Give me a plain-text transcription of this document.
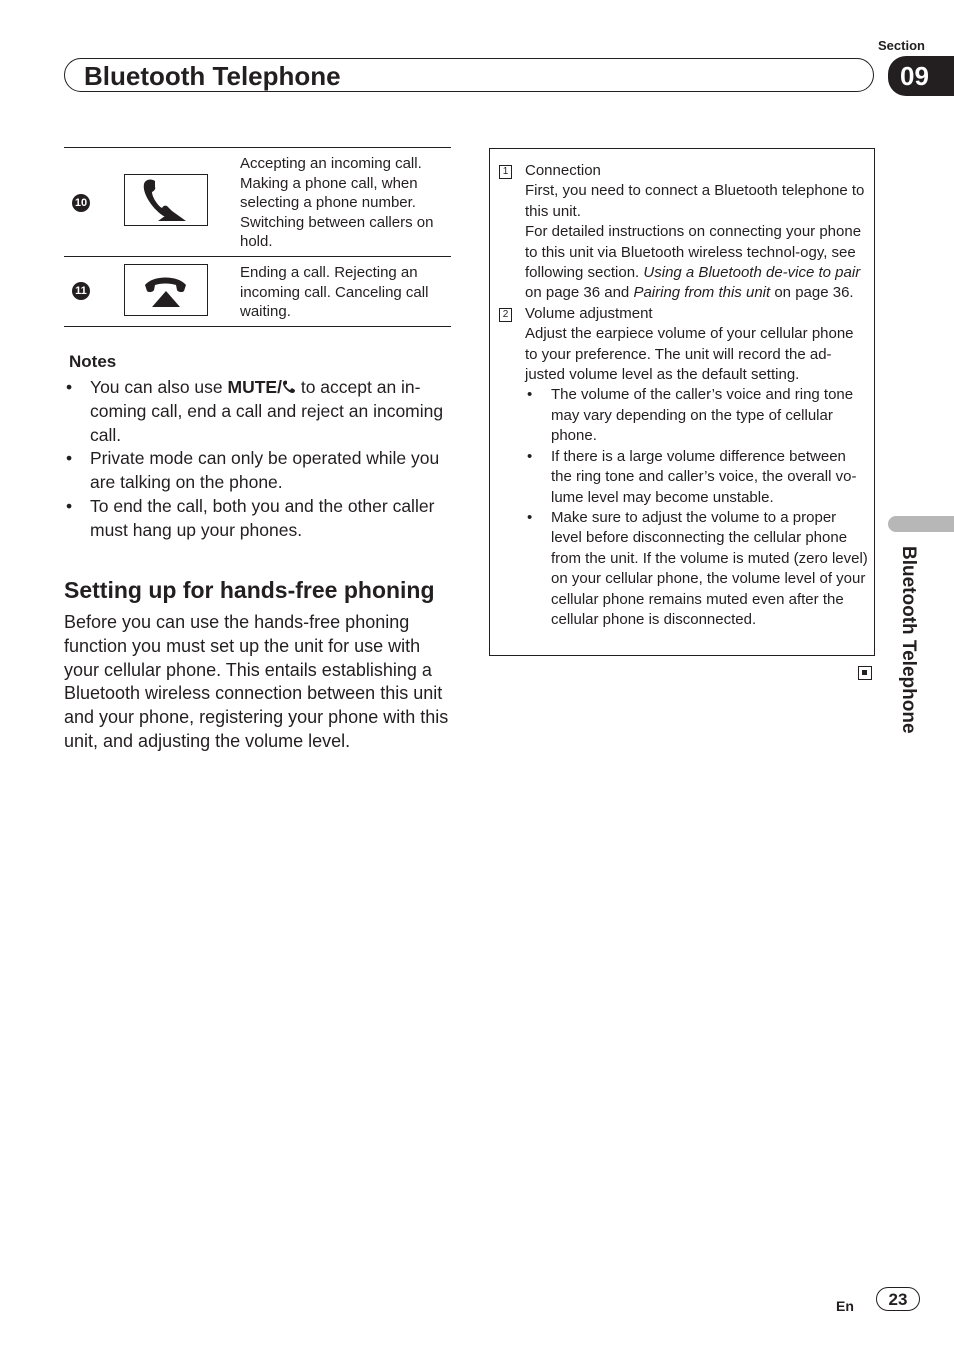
Section
Bluetooth Telephone	09
10
Accepting an incoming call. Making a phone call, when selecting a phone number. Switching between callers on hold.
11
Ending a call. Rejecting an incoming call. Canceling call waiting.
Notes
• You can also use MUTE/ to accept an in-coming call, end a call and reject an incoming call.
• Private mode can only be operated while you are talking on the phone.
• To end the call, both you and the other caller must hang up your phones.
Setting up for hands-free phoning
Before you can use the hands-free phoning function you must set up the unit for use with your cellular phone. This entails establishing a Bluetooth wireless connection between this unit and your phone, registering your phone with this unit, and adjusting the volume level.
1 Connection
First, you need to connect a Bluetooth telephone to this unit.
For detailed instructions on connecting your phone to this unit via Bluetooth wireless technol-ogy, see following section. Using a Bluetooth de-vice to pair on page 36 and Pairing from this unit on page 36.
2 Volume adjustment
Adjust the earpiece volume of your cellular phone to your preference. The unit will record the ad-justed volume level as the default setting.
• The volume of the caller’s voice and ring tone may vary depending on the type of cellular phone.
• If there is a large volume difference between the ring tone and caller’s voice, the overall vo-lume level may become unstable.
• Make sure to adjust the volume to a proper level before disconnecting the cellular phone from the unit. If the volume is muted (zero level) on your cellular phone, the volume level of your cellular phone remains muted even after the cellular phone is disconnected.	Bluetooth Telephone
En	23
